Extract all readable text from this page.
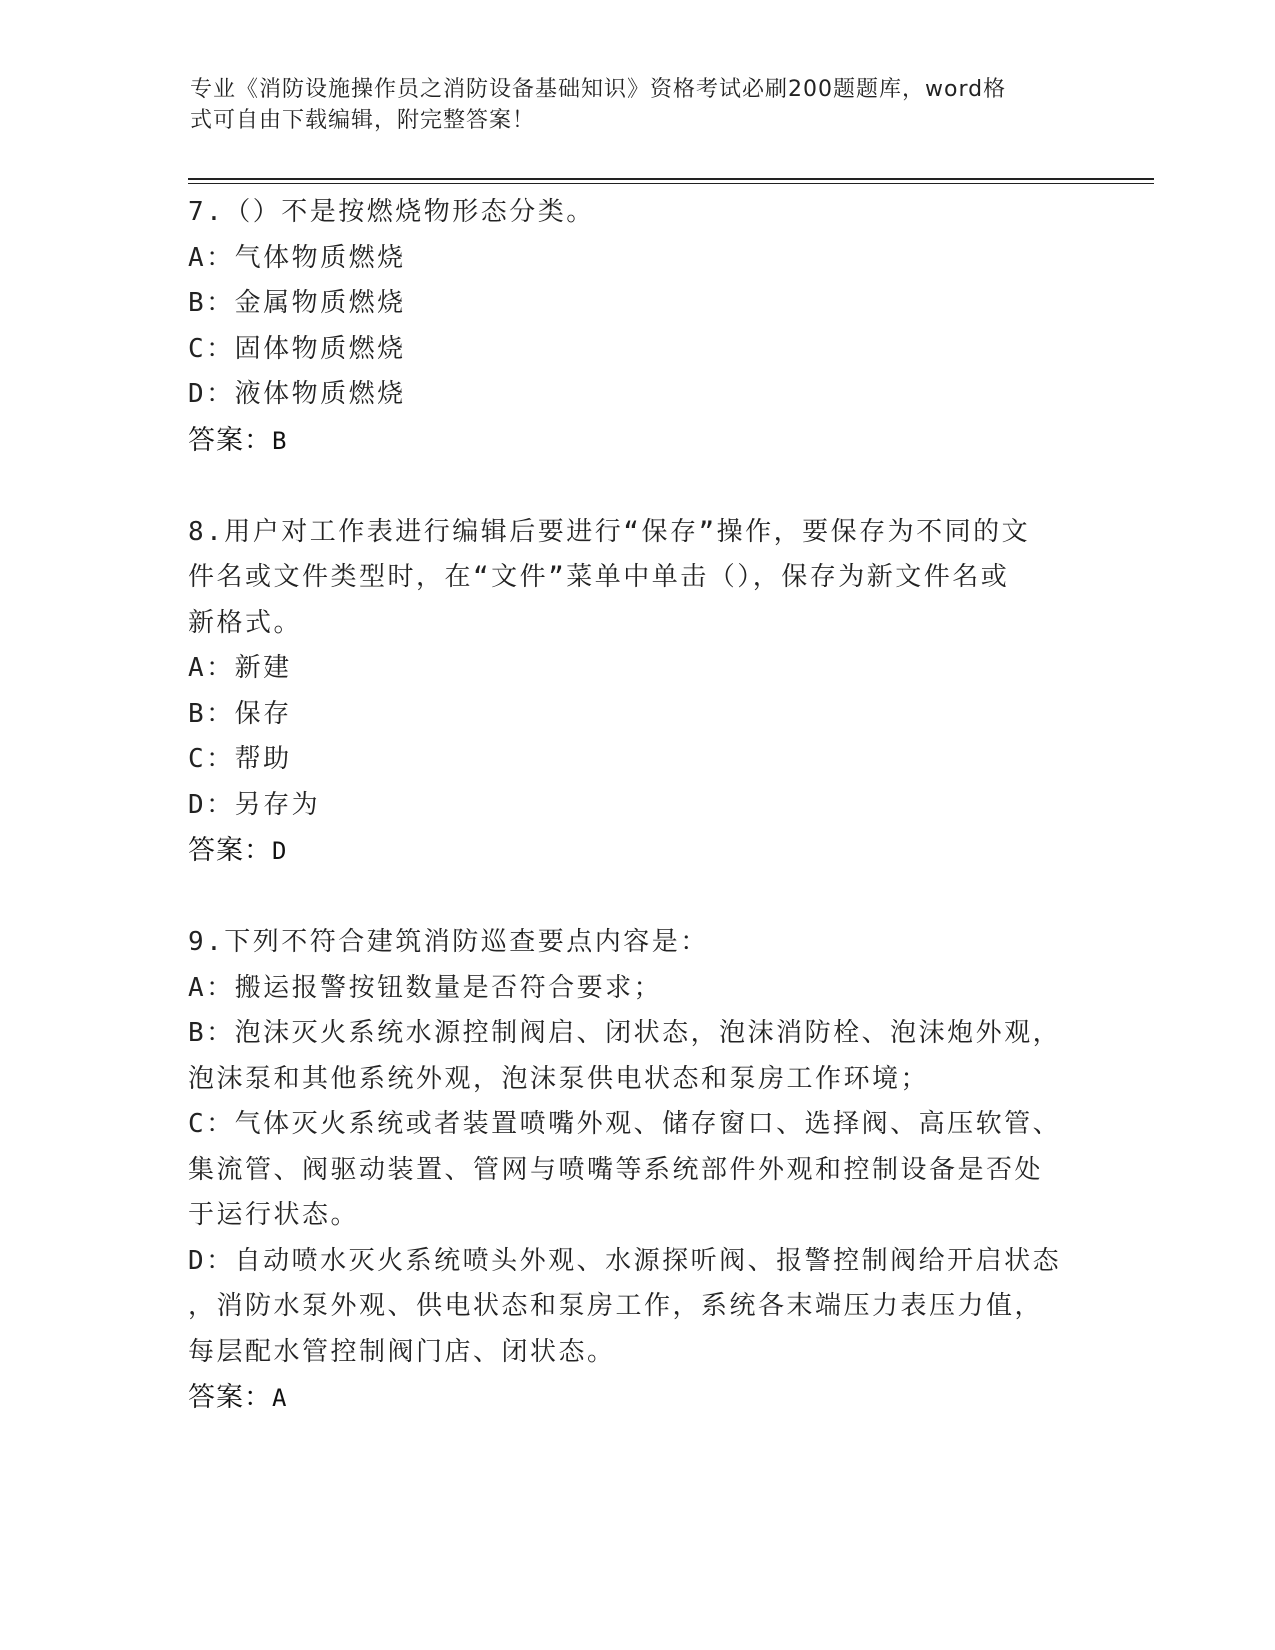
专业《消防设施操作员之消防设备基础知识》资格考试必刷200题题库，word格
式可自由下载编辑，附完整答案！
7.（）不是按燃烧物形态分类。
A：气体物质燃烧
B：金属物质燃烧
C：固体物质燃烧
D：液体物质燃烧
答案：B
8.用户对工作表进行编辑后要进行“保存”操作，要保存为不同的文
件名或文件类型时，在“文件”菜单中单击（），保存为新文件名或
新格式。
A：新建
B：保存
C：帮助
D：另存为
答案：D
9.下列不符合建筑消防巡查要点内容是：
A：搬运报警按钮数量是否符合要求；
B：泡沫灭火系统水源控制阀启、闭状态，泡沫消防栓、泡沫炮外观，
泡沫泵和其他系统外观，泡沫泵供电状态和泵房工作环境；
C：气体灭火系统或者装置喷嘴外观、储存窗口、选择阀、高压软管、
集流管、阀驱动装置、管网与喷嘴等系统部件外观和控制设备是否处
于运行状态。
D：自动喷水灭火系统喷头外观、水源探听阀、报警控制阀给开启状态
，消防水泵外观、供电状态和泵房工作，系统各末端压力表压力值，
每层配水管控制阀门店、闭状态。
答案：A
